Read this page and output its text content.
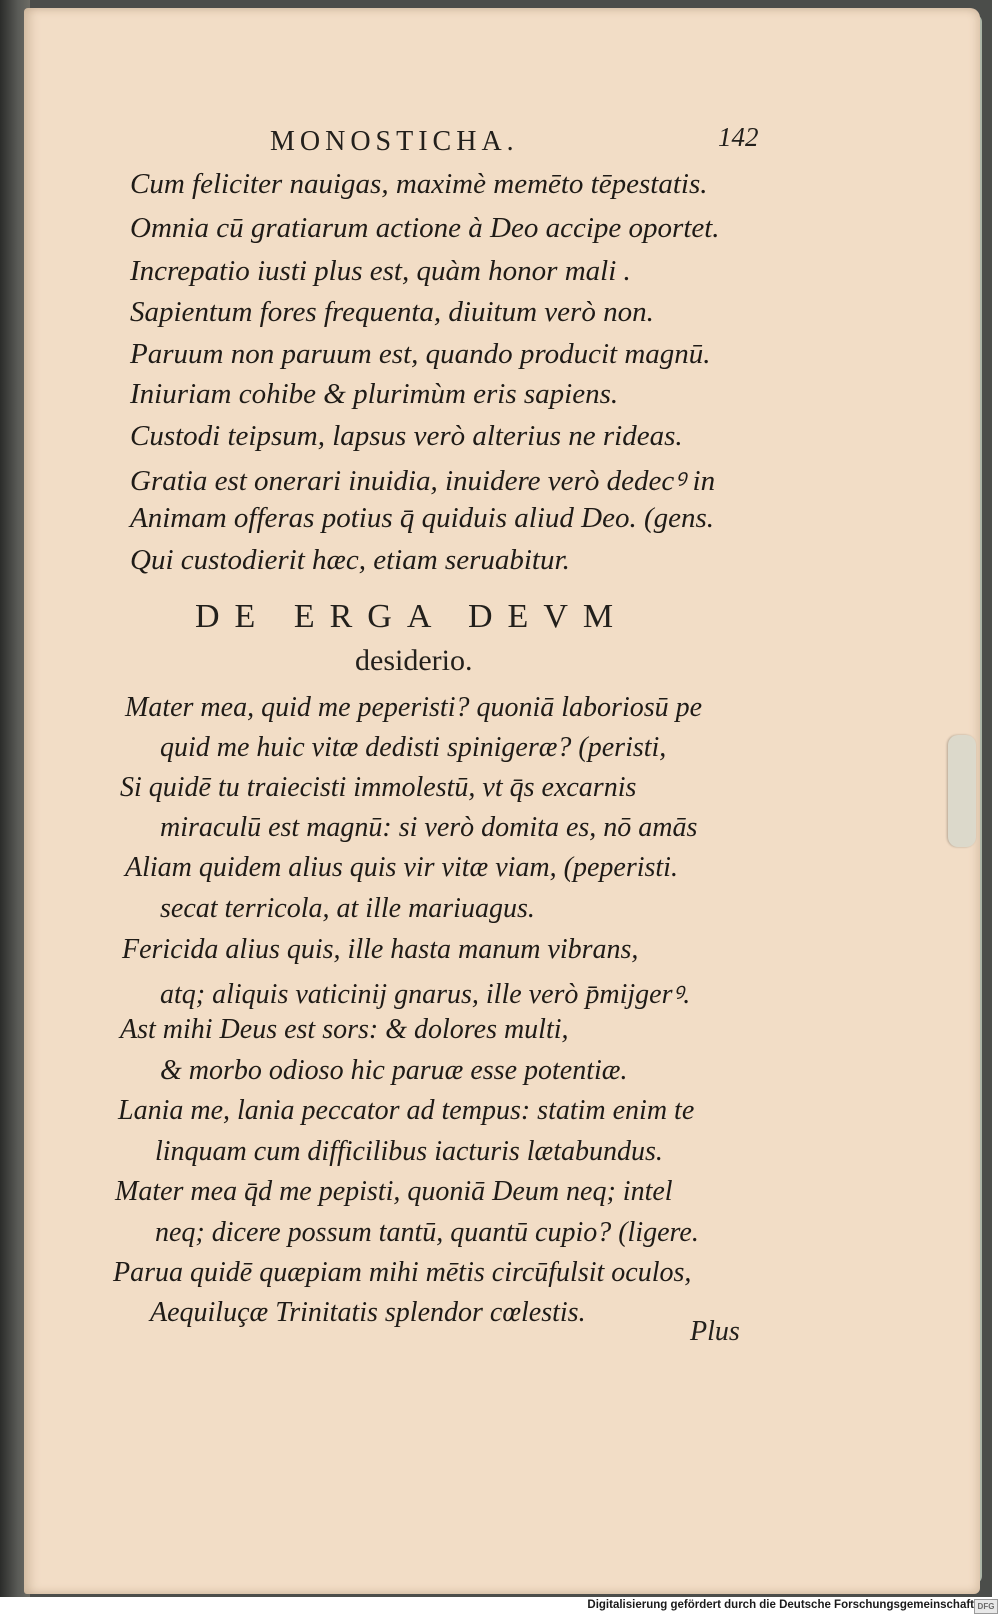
MONOSTICHA.	142
Cum feliciter nauigas, maximè memēto tēpestatis.
Omnia cū gratiarum actione à Deo accipe oportet.
Increpatio iusti plus est, quàm honor mali .
Sapientum fores frequenta, diuitum verò non.
Paruum non paruum est, quando producit magnū.
Iniuriam cohibe & plurimùm eris sapiens.
Custodi teipsum, lapsus verò alterius ne rideas.
Gratia est onerari inuidia, inuidere verò dedecꝰ in
Animam offeras potius q̄ quiduis aliud Deo. (gens.
Qui custodierit hæc, etiam seruabitur.
DE ERGA DEVM
desiderio.
Mater mea, quid me peperisti? quoniā laboriosū pe
quid me huic vitæ dedisti spinigeræ? (peristi,
Si quidē tu traiecisti immolestū, vt q̄s excarnis
miraculū est magnū: si verò domita es, nō amās
Aliam quidem alius quis vir vitæ viam, (peperisti.
secat terricola, at ille mariuagus.
Fericida alius quis, ille hasta manum vibrans,
atq; aliquis vaticinij gnarus, ille verò p̄mijgerꝰ.
Ast mihi Deus est sors: & dolores multi,
& morbo odioso hic paruæ esse potentiæ.
Lania me, lania peccator ad tempus: statim enim te
linquam cum difficilibus iacturis lætabundus.
Mater mea q̄d me pepisti, quoniā Deum neq; intel
neq; dicere possum tantū, quantū cupio? (ligere.
Parua quidē quæpiam mihi mētis circūfulsit oculos,
Aequiluçæ Trinitatis splendor cœlestis.
Plus
Digitalisierung gefördert durch die Deutsche Forschungsgemeinschaft DFG
